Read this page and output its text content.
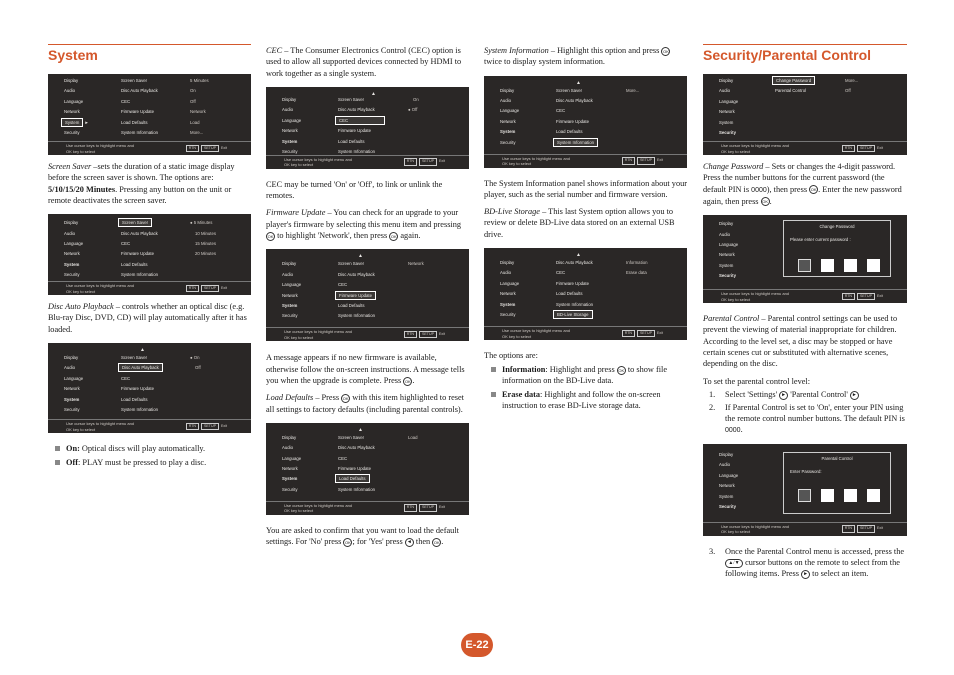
System
Display
Audio
Language
Network
System ►
Security
Screen Saver
Disc Auto Playback
CEC
Firmware Update
Load Defaults
System Information
5 Minutes
On
Off
Network
Load
More...
Use cursor keys to highlight menu and
OK key to select
RTN SETUP Exit
Screen Saver –sets the duration of a static image display before the screen saver is shown. The options are: 5/10/15/20 Minutes. Pressing any button on the unit or remote deactivates the screen saver.
Display
Audio
Language
Network
System
Security
Screen Saver
Disc Auto Playback
CEC
Firmware Update
Load Defaults
System Information
● 5 Minutes
10 Minutes
15 Minutes
20 Minutes
Use cursor keys to highlight menu and
OK key to select
RTN SETUP Exit
Disc Auto Playback – controls whether an optical disc (e.g. Blu-ray Disc, DVD, CD) will play automatically after it has loaded.
▲
Display
Audio
Language
Network
System
Security
Screen Saver
Disc Auto Playback
CEC
Firmware Update
Load Defaults
System Information
● On
Off
Use cursor keys to highlight menu and
OK key to select
RTN SETUP Exit
On: Optical discs will play automatically.
Off: PLAY must be pressed to play a disc.
CEC – The Consumer Electronics Control (CEC) option is used to allow all supported devices connected by HDMI to work together as a single system.
▲
Display
Audio
Language
Network
System
Security
Screen Saver
Disc Auto Playback
CEC
Firmware Update
Load Defaults
System Information
On
● Off
Use cursor keys to highlight menu and
OK key to select
RTN SETUP Exit
CEC may be turned 'On' or 'Off', to link or unlink the remotes.
Firmware Update – You can check for an upgrade to your player's firmware by selecting this menu item and pressing OK to highlight 'Network', then press OK again.
▲
Display
Audio
Language
Network
System
Security
Screen Saver
Disc Auto Playback
CEC
Firmware Update
Load Defaults
System Information
Network
Use cursor keys to highlight menu and
OK key to select
RTN SETUP Exit
A message appears if no new firmware is available, otherwise follow the on-screen instructions. A message tells you when the upgrade is complete. Press OK .
Load Defaults – Press OK with this item highlighted to reset all settings to factory defaults (including parental controls).
▲
Display
Audio
Language
Network
System
Security
Screen Saver
Disc Auto Playback
CEC
Firmware Update
Load Defaults
System Information
Load
Use cursor keys to highlight menu and
OK key to select
RTN SETUP Exit
You are asked to confirm that you want to load the default settings. For 'No' press OK ; for 'Yes' press ◄ then OK .
System Information – Highlight this option and press OK twice to display system information.
▲
Display
Audio
Language
Network
System
Security
Screen Saver
Disc Auto Playback
CEC
Firmware Update
Load Defaults
System Information
More...
Use cursor keys to highlight menu and
OK key to select
RTN SETUP Exit
The System Information panel shows information about your player, such as the serial number and firmware version.
BD-Live Storage – This last System option allows you to review or delete BD-Live data stored on an external USB drive.
▲
Display
Audio
Language
Network
System
Security
Disc Auto Playback
CEC
Firmware Update
Load Defaults
System Information
BD-Live Storage
Information
Erase data
Use cursor keys to highlight menu and
OK key to select
RTN SETUP Exit
The options are:
Information: Highlight and press OK to show file information on the BD-Live data.
Erase data: Highlight and follow the on-screen instruction to erase BD-Live storage data.
Security/Parental Control
Display
Audio
Language
Network
System
Security
Change Password
Parental Control
More...
Off
Use cursor keys to highlight menu and
OK key to select
RTN SETUP Exit
Change Password – Sets or changes the 4-digit password. Press the number buttons for the current password (the default PIN is 0000), then press OK . Enter the new password again, then press OK .
Display
Audio
Language
Network
System
Security
Change Password
Please enter current password :
Use cursor keys to highlight menu and
OK key to select
RTN SETUP Exit
Parental Control – Parental control settings can be used to prevent the viewing of material inappropriate for children. According to the level set, a disc may be stopped or have certain scenes cut or substituted with alternative scenes, depending on the disc.
To set the parental control level:
1. Select 'Settings' ► 'Parental Control' ►
2. If Parental Control is set to 'On', enter your PIN using the remote control number buttons. The default PIN is 0000.
Display
Audio
Language
Network
System
Security
Parental Control
Enter Password:
Use cursor keys to highlight menu and
OK key to select
RTN SETUP Exit
3. Once the Parental Control menu is accessed, press the ▲/▼ cursor buttons on the remote to select from the following items. Press ► to select an item.
E-22
